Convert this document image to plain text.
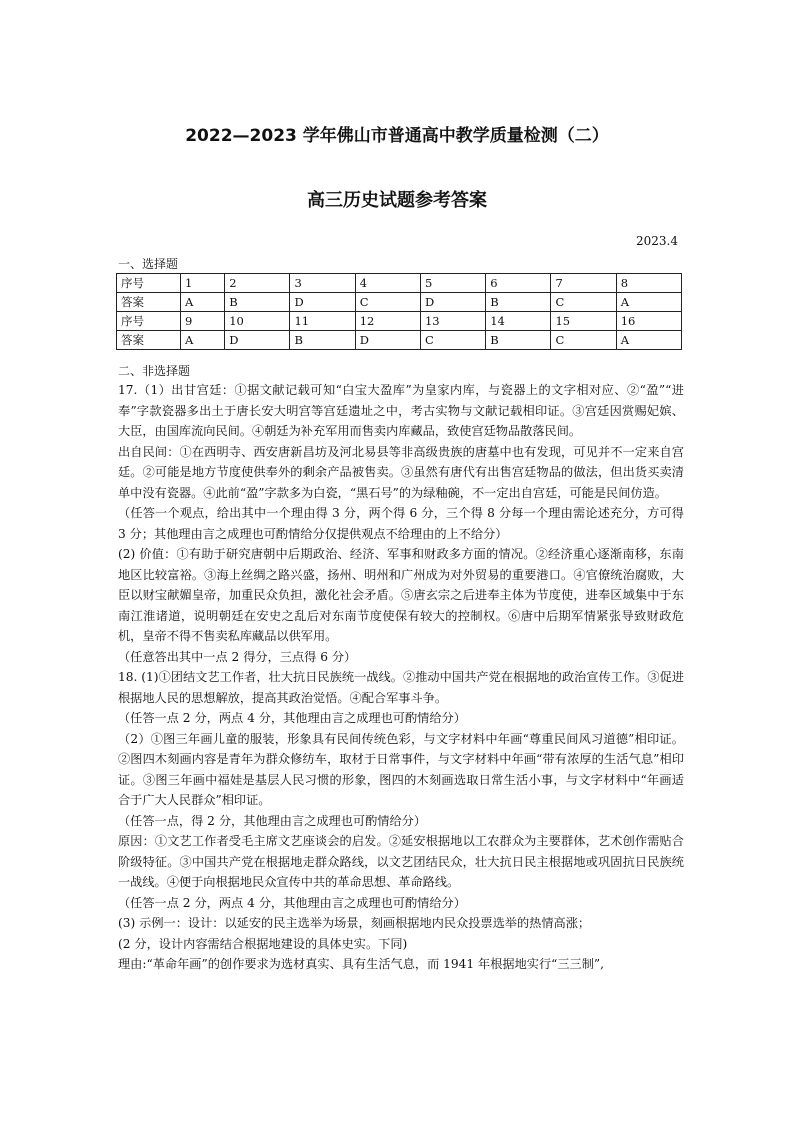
2022—2023 学年佛山市普通高中教学质量检测（二）
高三历史试题参考答案
2023.4
一、选择题
序号	1	2	3	4	5	6	7	8
答案	A	B	D	C	D	B	C	A
序号	9	10	11	12	13	14	15	16
答案	A	D	B	D	C	B	C	A
二、非选择题

17.（1）出甘宫廷：①据文献记载可知“白宝大盈库”为皇家内库，与瓷器上的文字相对应、②“盈”“进奉”字款瓷器多出土于唐长安大明宫等宫廷遗址之中，考古实物与文献记载相印证。③宫廷因赏赐妃嫔、大臣，由国库流向民间。④朝廷为补充军用而售卖内库藏品，致使宫廷物品散落民间。

出自民间：①在西明寺、西安唐新昌坊及河北易县等非高级贵族的唐墓中也有发现，可见并不一定来自宫廷。②可能是地方节度使供奉外的剩余产品被售卖。③虽然有唐代有出售宫廷物品的做法，但出货买卖清单中没有瓷器。④此前“盈”字款多为白瓷，“黑石号”的为绿釉碗，不一定出自宫廷，可能是民间仿造。

（任答一个观点，给出其中一个理由得 3 分，两个得 6 分，三个得 8 分每一个理由需论述充分，方可得 3 分；其他理由言之成理也可酌情给分仅提供观点不给理由的上不给分）

(2) 价值：①有助于研究唐朝中后期政治、经济、军事和财政多方面的情况。②经济重心逐渐南移，东南地区比较富裕。③海上丝绸之路兴盛，扬州、明州和广州成为对外贸易的重要港口。④官僚统治腐败，大臣以财宝献媚皇帝，加重民众负担，激化社会矛盾。⑤唐玄宗之后进奉主体为节度使，进奉区域集中于东南江淮诸道，说明朝廷在安史之乱后对东南节度使保有较大的控制权。⑥唐中后期军情紧张导致财政危机，皇帝不得不售卖私库藏品以供军用。

（任意答出其中一点 2 得分，三点得 6 分）

18. (1)①团结文艺工作者，壮大抗日民族统一战线。②推动中国共产党在根据地的政治宣传工作。③促进根据地人民的思想解放，提高其政治觉悟。④配合军事斗争。

（任答一点 2 分，两点 4 分，其他理由言之成理也可酌情给分）

（2）①图三年画儿童的服装，形象具有民间传统色彩，与文字材料中年画“尊重民间风习道德”相印证。②图四木刻画内容是青年为群众修纺车，取材于日常事件，与文字材料中年画“带有浓厚的生活气息”相印证。③图三年画中福娃是基层人民习惯的形象，图四的木刻画选取日常生活小事，与文字材料中“年画适合于广大人民群众”相印证。

（任答一点，得 2 分，其他理由言之成理也可酌情给分）

原因：①文艺工作者受毛主席文艺座谈会的启发。②延安根据地以工农群众为主要群体，艺术创作需贴合阶级特征。③中国共产党在根据地走群众路线，以文艺团结民众，壮大抗日民主根据地或巩固抗日民族统一战线。④便于向根据地民众宣传中共的革命思想、革命路线。

（任答一点 2 分，两点 4 分，其他理由言之成理也可酌情给分）

(3) 示例一：设计：以延安的民主选举为场景，刻画根据地内民众投票选举的热情高涨；

(2 分，设计内容需结合根据地建设的具体史实。下同)

理由:“革命年画”的创作要求为选材真实、具有生活气息，而 1941 年根据地实行“三三制”,
